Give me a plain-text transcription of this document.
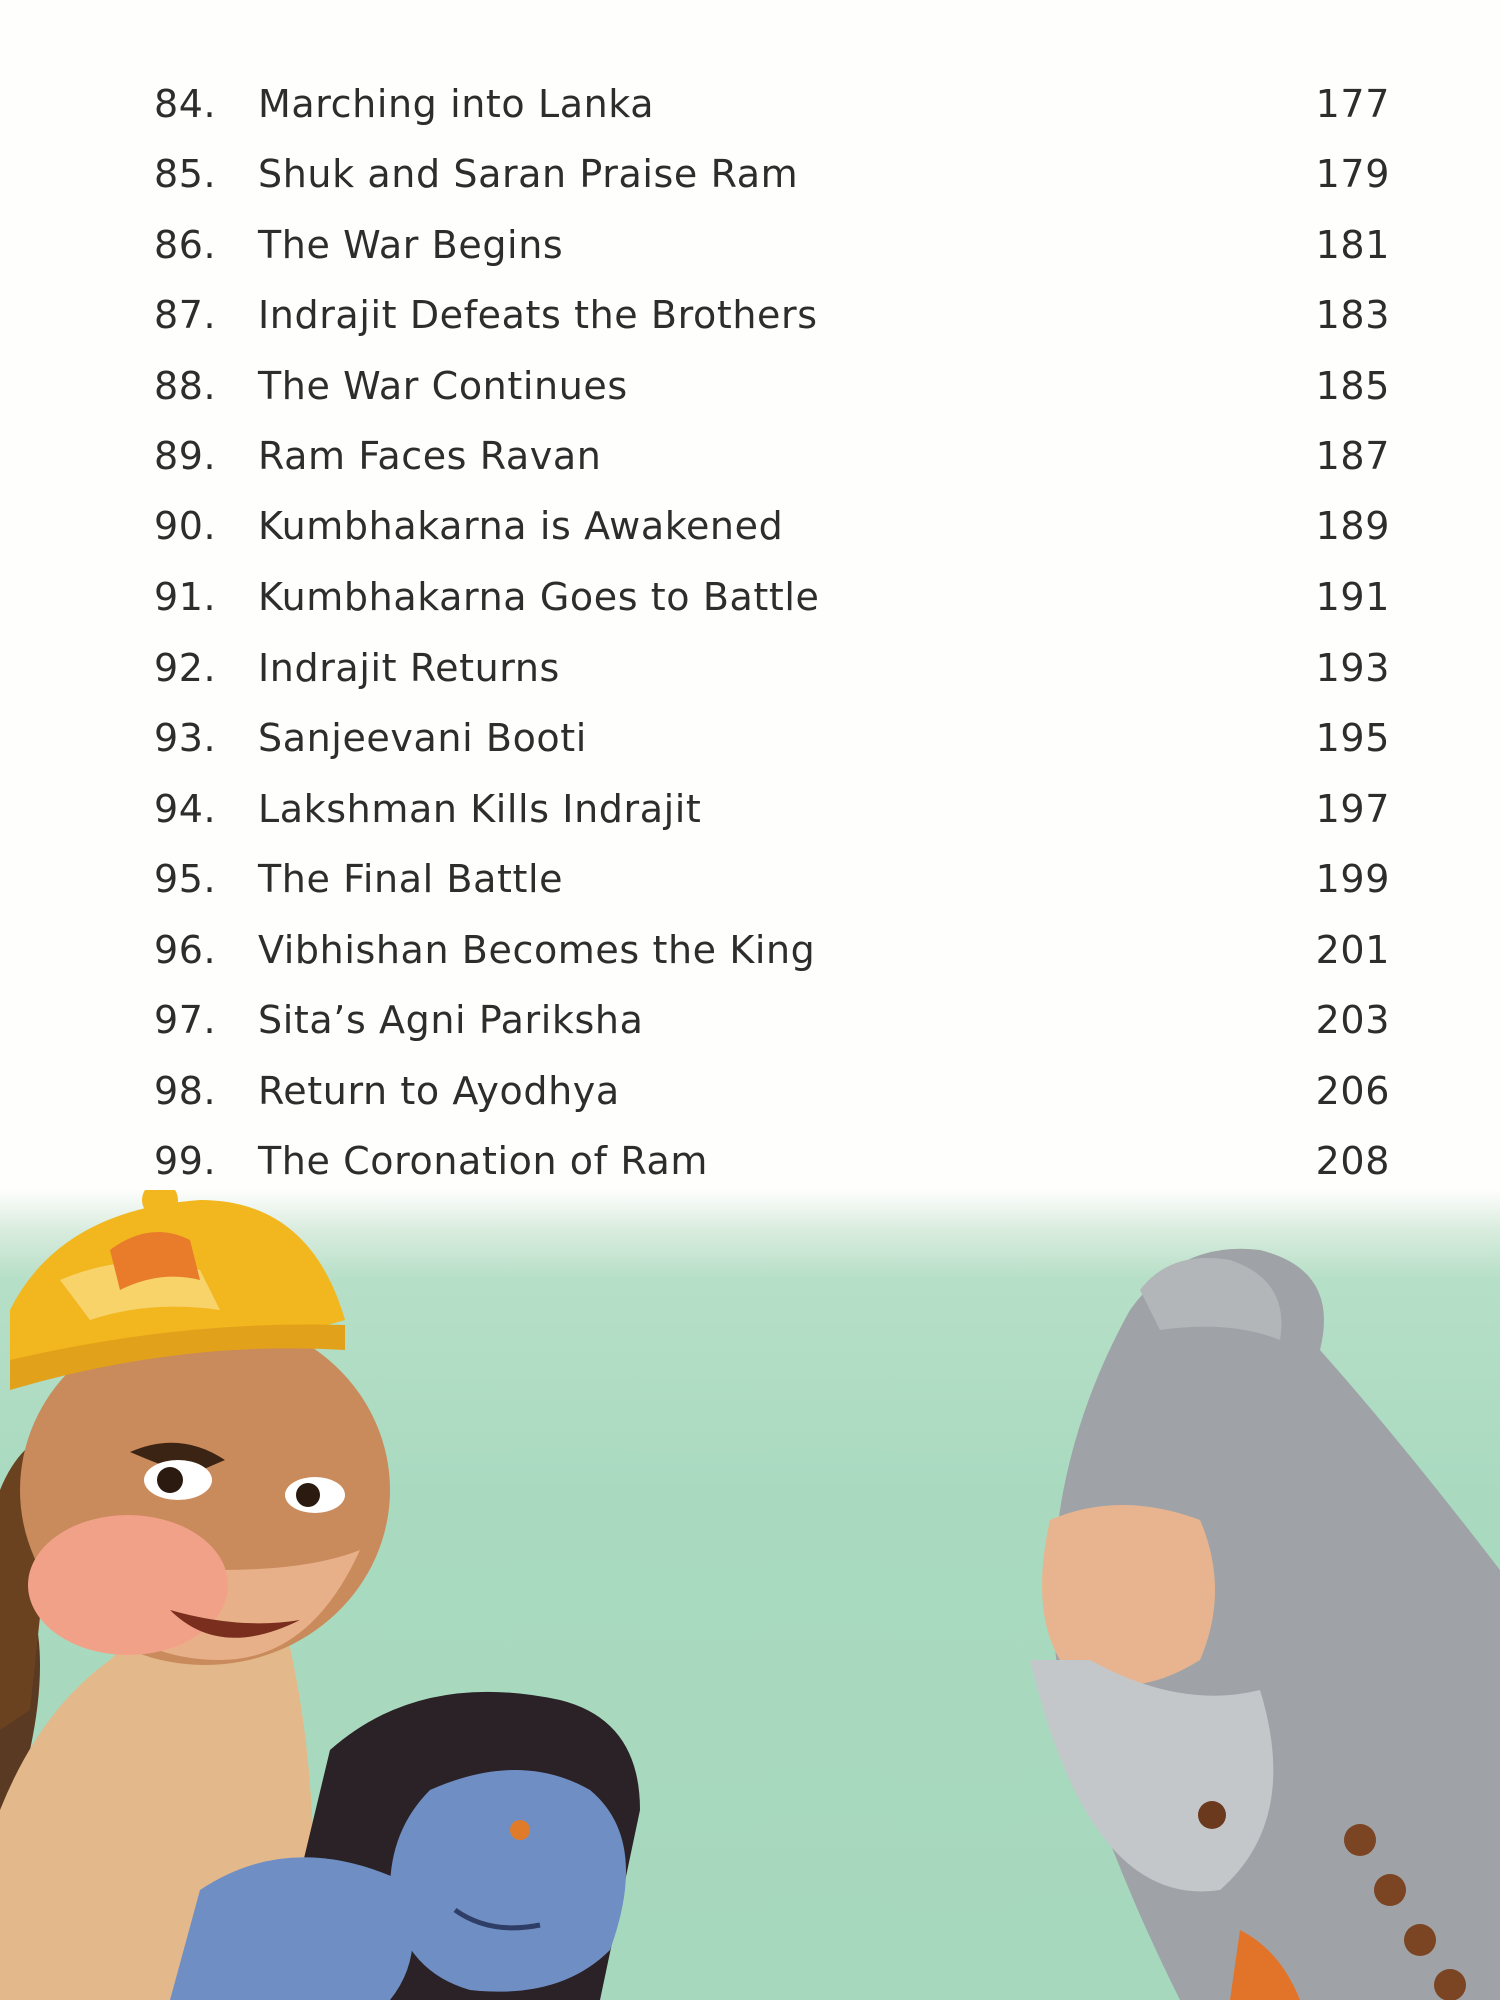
84.	Marching into Lanka	177
85.	Shuk and Saran Praise Ram	179
86.	The War Begins	181
87.	Indrajit Defeats the Brothers	183
88.	The War Continues	185
89.	Ram Faces Ravan	187
90.	Kumbhakarna is Awakened	189
91.	Kumbhakarna Goes to Battle	191
92.	Indrajit Returns	193
93.	Sanjeevani Booti	195
94.	Lakshman Kills Indrajit	197
95.	The Final Battle	199
96.	Vibhishan Becomes the King	201
97.	Sita’s Agni Pariksha	203
98.	Return to Ayodhya	206
99.	The Coronation of Ram	208
